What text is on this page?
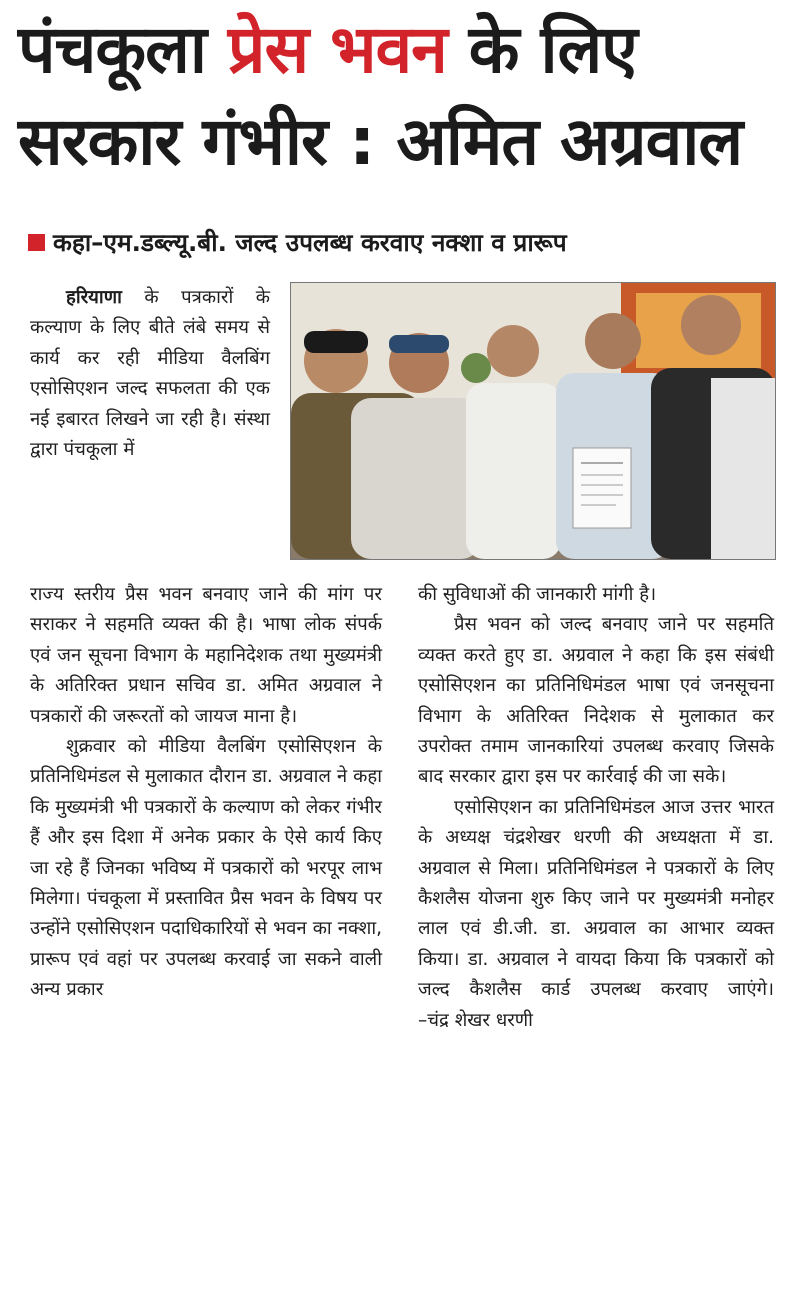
पंचकूला प्रेस भवन के लिए
सरकार गंभीर : अमित अग्रवाल
कहा–एम.डब्ल्यू.बी. जल्द उपलब्ध करवाए नक्शा व प्रारूप

हरियाणा के पत्रकारों के कल्याण के लिए बीते लंबे समय से कार्य कर रही मीडिया वैलबिंग एसोसिएशन जल्द सफलता की एक नई इबारत लिखने जा रही है। संस्था द्वारा पंचकूला में

राज्य स्तरीय प्रैस भवन बनवाए जाने की मांग पर सराकर ने सहमति व्यक्त की है। भाषा लोक संपर्क एवं जन सूचना विभाग के महानिदेशक तथा मुख्यमंत्री के अतिरिक्त प्रधान सचिव डा. अमित अग्रवाल ने पत्रकारों की जरूरतों को जायज माना है।

शुक्रवार को मीडिया वैलबिंग एसोसिएशन के प्रतिनिधिमंडल से मुलाकात दौरान डा. अग्रवाल ने कहा कि मुख्यमंत्री भी पत्रकारों के कल्याण को लेकर गंभीर हैं और इस दिशा में अनेक प्रकार के ऐसे कार्य किए जा रहे हैं जिनका भविष्य में पत्रकारों को भरपूर लाभ मिलेगा। पंचकूला में प्रस्तावित प्रैस भवन के विषय पर उन्होंने एसोसिएशन पदाधिकारियों से भवन का नक्शा, प्रारूप एवं वहां पर उपलब्ध करवाई जा सकने वाली अन्य प्रकार

की सुविधाओं की जानकारी मांगी है।

प्रैस भवन को जल्द बनवाए जाने पर सहमति व्यक्त करते हुए डा. अग्रवाल ने कहा कि इस संबंधी एसोसिएशन का प्रतिनिधिमंडल भाषा एवं जनसूचना विभाग के अतिरिक्त निदेशक से मुलाकात कर उपरोक्त तमाम जानकारियां उपलब्ध करवाए जिसके बाद सरकार द्वारा इस पर कार्रवाई की जा सके।

एसोसिएशन का प्रतिनिधिमंडल आज उत्तर भारत के अध्यक्ष चंद्रशेखर धरणी की अध्यक्षता में डा. अग्रवाल से मिला। प्रतिनिधिमंडल ने पत्रकारों के लिए कैशलैस योजना शुरु किए जाने पर मुख्यमंत्री मनोहर लाल एवं डी.जी. डा. अग्रवाल का आभार व्यक्त किया। डा. अग्रवाल ने वायदा किया कि पत्रकारों को जल्द कैशलैस कार्ड उपलब्ध करवाए जाएंगे। –चंद्र शेखर धरणी
